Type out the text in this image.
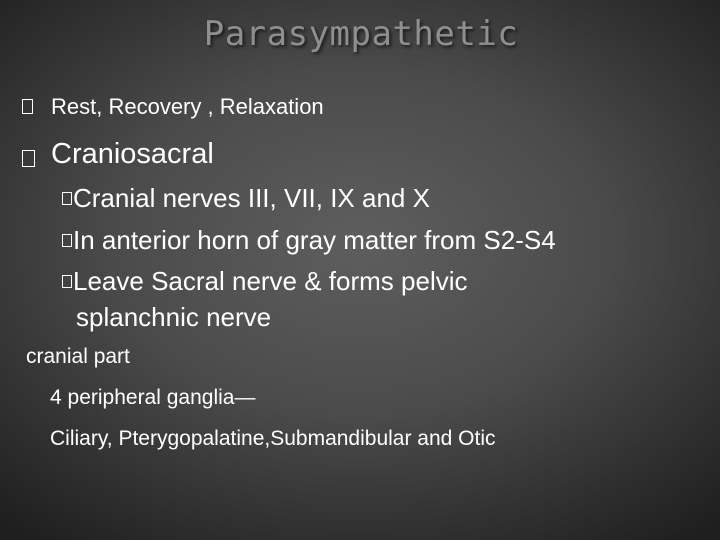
Parasympathetic
Rest, Recovery , Relaxation
Craniosacral
Cranial nerves III, VII, IX and X
In anterior horn of gray matter from S2-S4
Leave Sacral nerve & forms pelvic
splanchnic nerve
cranial part
4 peripheral ganglia—
Ciliary, Pterygopalatine,Submandibular and Otic
